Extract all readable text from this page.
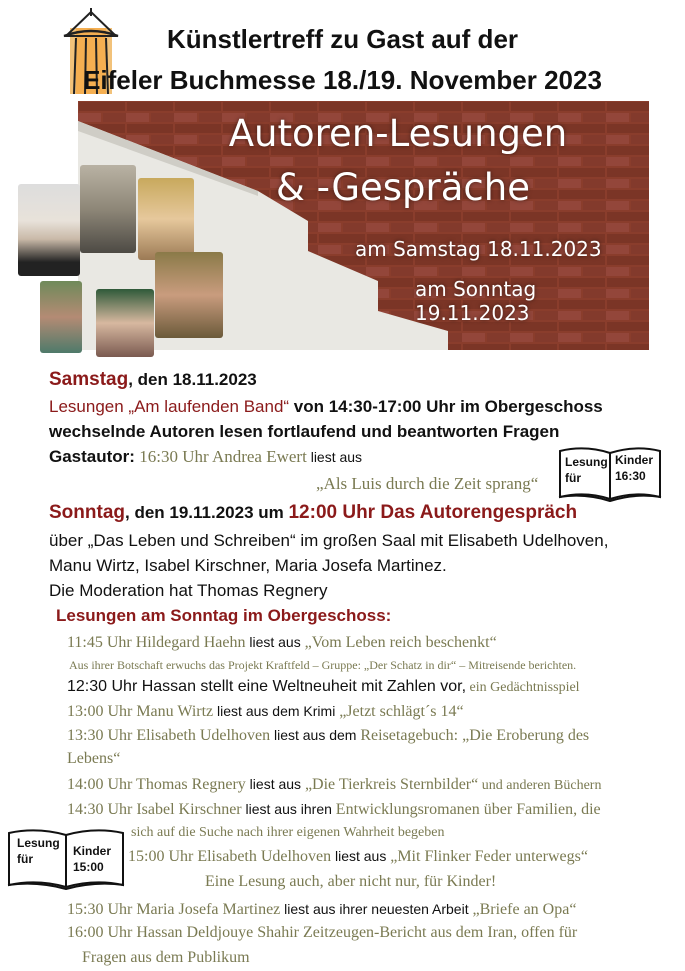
Künstlertreff zu Gast auf der
Eifeler Buchmesse 18./19. November 2023
Autoren-Lesungen
& -Gespräche
am Samstag 18.11.2023
am Sonntag 19.11.2023
Samstag, den 18.11.2023
Lesungen „Am laufenden Band“ von 14:30-17:00 Uhr im Obergeschoss
wechselnde Autoren lesen fortlaufend und beantworten Fragen
Gastautor: 16:30 Uhr Andrea Ewert liest aus
„Als Luis durch die Zeit sprang“
Lesung
für
Kinder
16:30
Sonntag, den 19.11.2023 um 12:00 Uhr Das Autorengespräch
über „Das Leben und Schreiben“ im großen Saal mit Elisabeth Udelhoven,
Manu Wirtz, Isabel Kirschner, Maria Josefa Martinez.
Die Moderation hat Thomas Regnery
Lesungen am Sonntag im Obergeschoss:
11:45 Uhr Hildegard Haehn liest aus „Vom Leben reich beschenkt“
Aus ihrer Botschaft erwuchs das Projekt Kraftfeld – Gruppe: „Der Schatz in dir“ – Mitreisende berichten.
12:30 Uhr Hassan stellt eine Weltneuheit mit Zahlen vor, ein Gedächtnisspiel
13:00 Uhr Manu Wirtz liest aus dem Krimi „Jetzt schlägt´s 14“
13:30 Uhr Elisabeth Udelhoven liest aus dem Reisetagebuch: „Die Eroberung des
Lebens“
14:00 Uhr Thomas Regnery liest aus „Die Tierkreis Sternbilder“ und anderen Büchern
14:30 Uhr Isabel Kirschner liest aus ihren Entwicklungsromanen über Familien, die
sich auf die Suche nach ihrer eigenen Wahrheit begeben
15:00 Uhr Elisabeth Udelhoven liest aus „Mit Flinker Feder unterwegs“
Eine Lesung auch, aber nicht nur, für Kinder!
15:30 Uhr Maria Josefa Martinez liest aus ihrer neuesten Arbeit „Briefe an Opa“
16:00 Uhr Hassan Deldjouye Shahir Zeitzeugen-Bericht aus dem Iran, offen für
Fragen aus dem Publikum
Lesung
für
Kinder
15:00
